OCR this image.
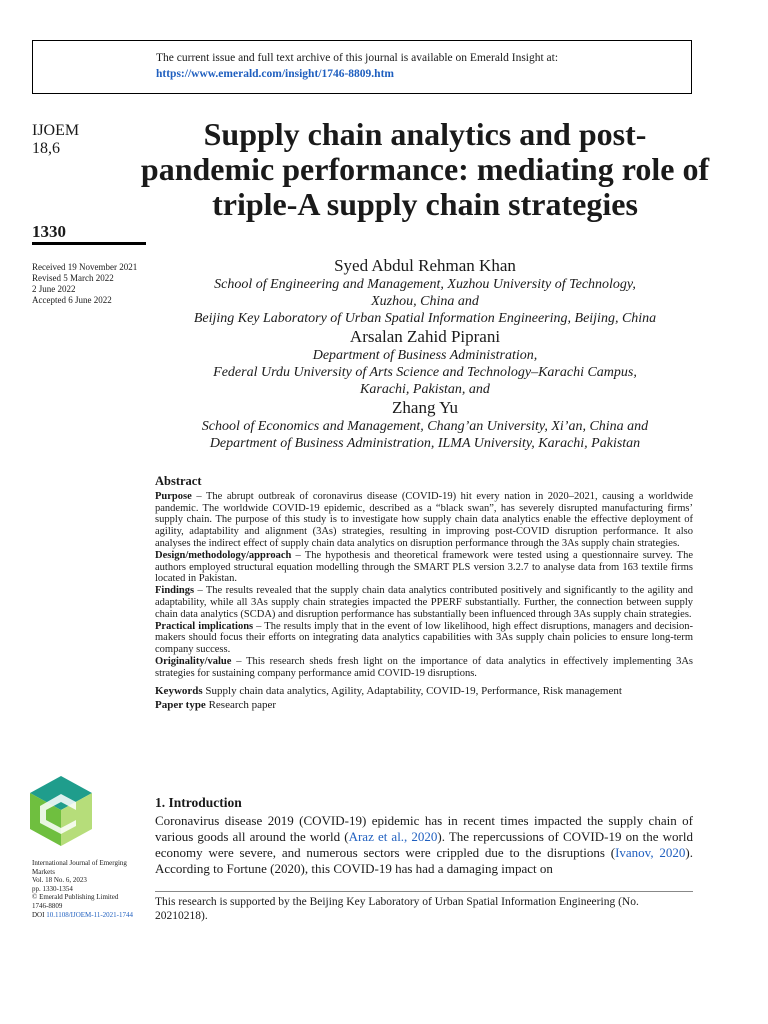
The current issue and full text archive of this journal is available on Emerald Insight at:
https://www.emerald.com/insight/1746-8809.htm
IJOEM
18,6
1330
Received 19 November 2021
Revised 5 March 2022
2 June 2022
Accepted 6 June 2022
Supply chain analytics and post-pandemic performance: mediating role of triple-A supply chain strategies
Syed Abdul Rehman Khan
School of Engineering and Management, Xuzhou University of Technology,
Xuzhou, China and
Beijing Key Laboratory of Urban Spatial Information Engineering, Beijing, China
Arsalan Zahid Piprani
Department of Business Administration,
Federal Urdu University of Arts Science and Technology–Karachi Campus,
Karachi, Pakistan, and
Zhang Yu
School of Economics and Management, Chang’an University, Xi’an, China and
Department of Business Administration, ILMA University, Karachi, Pakistan
Abstract

Purpose – The abrupt outbreak of coronavirus disease (COVID-19) hit every nation in 2020–2021, causing a worldwide pandemic. The worldwide COVID-19 epidemic, described as a “black swan”, has severely disrupted manufacturing firms’ supply chain. The purpose of this study is to investigate how supply chain data analytics enable the effective deployment of agility, adaptability and alignment (3As) strategies, resulting in improving post-COVID disruption performance. It also analyses the indirect effect of supply chain data analytics on disruption performance through the 3As supply chain strategies.

Design/methodology/approach – The hypothesis and theoretical framework were tested using a questionnaire survey. The authors employed structural equation modelling through the SMART PLS version 3.2.7 to analyse data from 163 textile firms located in Pakistan.

Findings – The results revealed that the supply chain data analytics contributed positively and significantly to the agility and adaptability, while all 3As supply chain strategies impacted the PPERF substantially. Further, the connection between supply chain data analytics (SCDA) and disruption performance has substantially been influenced through 3As supply chain strategies.

Practical implications – The results imply that in the event of low likelihood, high effect disruptions, managers and decision-makers should focus their efforts on integrating data analytics capabilities with 3As supply chain policies to ensure long-term company success.

Originality/value – This research sheds fresh light on the importance of data analytics in effectively implementing 3As strategies for sustaining company performance amid COVID-19 disruptions.

Keywords Supply chain data analytics, Agility, Adaptability, COVID-19, Performance, Risk management

Paper type Research paper

International Journal of Emerging
Markets
Vol. 18 No. 6, 2023
pp. 1330-1354
© Emerald Publishing Limited
1746-8809
DOI 10.1108/IJOEM-11-2021-1744
1. Introduction
Coronavirus disease 2019 (COVID-19) epidemic has in recent times impacted the supply chain of various goods all around the world (Araz et al., 2020). The repercussions of COVID-19 on the world economy were severe, and numerous sectors were crippled due to the disruptions (Ivanov, 2020). According to Fortune (2020), this COVID-19 has had a damaging impact on
This research is supported by the Beijing Key Laboratory of Urban Spatial Information Engineering (No. 20210218).
